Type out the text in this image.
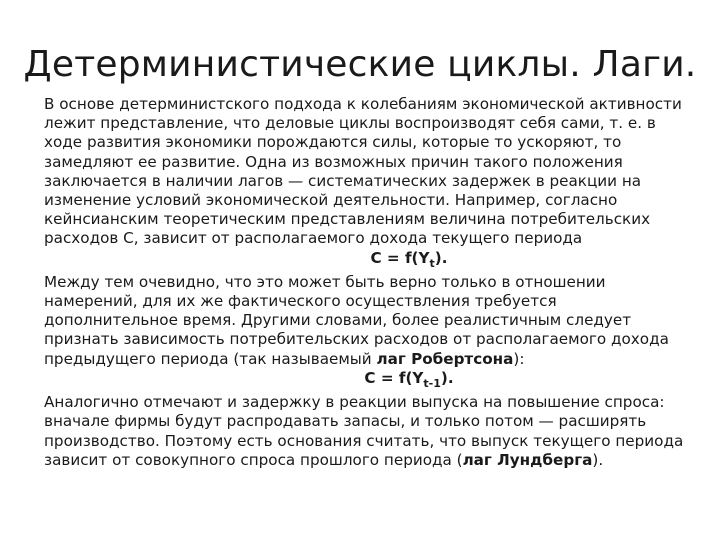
Детерминистические циклы. Лаги.

В основе детерминистского подхода к колебаниям экономической активности лежит представление, что деловые циклы воспроизводят себя сами, т. е. в ходе развития экономики порождаются силы, которые то ускоряют, то замедляют ее развитие. Одна из возможных причин такого положения заключается в наличии лагов — систематических задержек в реакции на изменение условий экономической деятельности. Например, согласно кейнсианским теоретическим представлениям величина потребительских расходов С, зависит от располагаемого дохода текущего периода

$C = f(Y_t)$.

Между тем очевидно, что это может быть верно только в отношении намерений, для их же фактического осуществления требуется дополнительное время. Другими словами, более реалистичным следует признать зависимость потребительских расходов от располагаемого дохода предыдущего периода (так называемый лаг Робертсона):

$C = f(Y_{t-1})$.

Аналогично отмечают и задержку в реакции выпуска на повышение спроса: вначале фирмы будут распродавать запасы, и только потом — расширять производство. Поэтому есть основания считать, что выпуск текущего периода зависит от совокупного спроса прошлого периода (лаг Лундберга).
